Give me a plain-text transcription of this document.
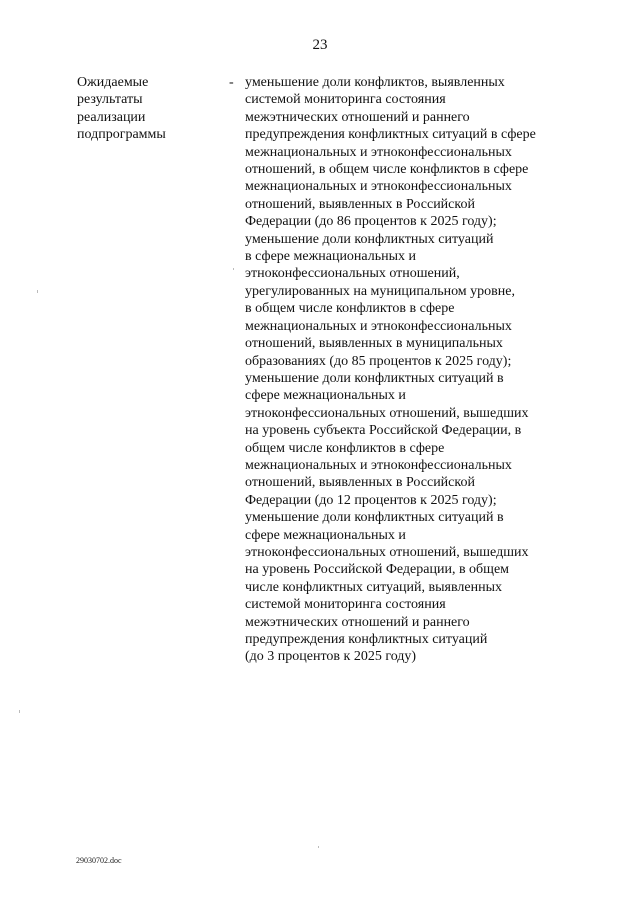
23
Ожидаемые
результаты
реализации
подпрограммы
- уменьшение доли конфликтов, выявленных
системой мониторинга состояния
межэтнических отношений и раннего
предупреждения конфликтных ситуаций в сфере
межнациональных и этноконфессиональных
отношений, в общем числе конфликтов в сфере
межнациональных и этноконфессиональных
отношений, выявленных в Российской
Федерации (до 86 процентов к 2025 году);
уменьшение доли конфликтных ситуаций
в сфере межнациональных и
этноконфессиональных отношений,
урегулированных на муниципальном уровне,
в общем числе конфликтов в сфере
межнациональных и этноконфессиональных
отношений, выявленных в муниципальных
образованиях (до 85 процентов к 2025 году);
уменьшение доли конфликтных ситуаций в
сфере межнациональных и
этноконфессиональных отношений, вышедших
на уровень субъекта Российской Федерации, в
общем числе конфликтов в сфере
межнациональных и этноконфессиональных
отношений, выявленных в Российской
Федерации (до 12 процентов к 2025 году);
уменьшение доли конфликтных ситуаций в
сфере межнациональных и
этноконфессиональных отношений, вышедших
на уровень Российской Федерации, в общем
числе конфликтных ситуаций, выявленных
системой мониторинга состояния
межэтнических отношений и раннего
предупреждения конфликтных ситуаций
(до 3 процентов к 2025 году)
29030702.doc
